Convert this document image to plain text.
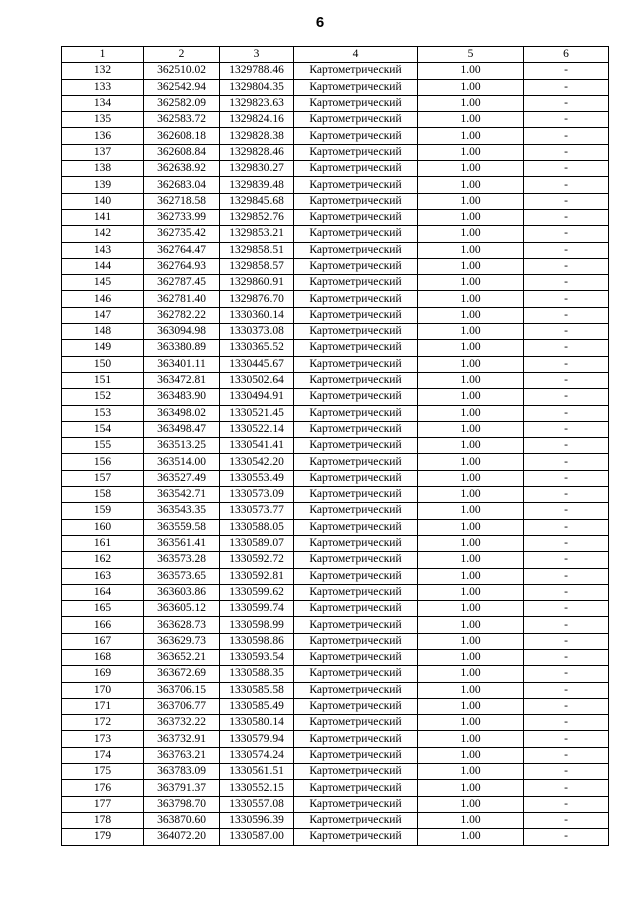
6
1	2	3	4	5	6
132	362510.02	1329788.46	Картометрический	1.00	-
133	362542.94	1329804.35	Картометрический	1.00	-
134	362582.09	1329823.63	Картометрический	1.00	-
135	362583.72	1329824.16	Картометрический	1.00	-
136	362608.18	1329828.38	Картометрический	1.00	-
137	362608.84	1329828.46	Картометрический	1.00	-
138	362638.92	1329830.27	Картометрический	1.00	-
139	362683.04	1329839.48	Картометрический	1.00	-
140	362718.58	1329845.68	Картометрический	1.00	-
141	362733.99	1329852.76	Картометрический	1.00	-
142	362735.42	1329853.21	Картометрический	1.00	-
143	362764.47	1329858.51	Картометрический	1.00	-
144	362764.93	1329858.57	Картометрический	1.00	-
145	362787.45	1329860.91	Картометрический	1.00	-
146	362781.40	1329876.70	Картометрический	1.00	-
147	362782.22	1330360.14	Картометрический	1.00	-
148	363094.98	1330373.08	Картометрический	1.00	-
149	363380.89	1330365.52	Картометрический	1.00	-
150	363401.11	1330445.67	Картометрический	1.00	-
151	363472.81	1330502.64	Картометрический	1.00	-
152	363483.90	1330494.91	Картометрический	1.00	-
153	363498.02	1330521.45	Картометрический	1.00	-
154	363498.47	1330522.14	Картометрический	1.00	-
155	363513.25	1330541.41	Картометрический	1.00	-
156	363514.00	1330542.20	Картометрический	1.00	-
157	363527.49	1330553.49	Картометрический	1.00	-
158	363542.71	1330573.09	Картометрический	1.00	-
159	363543.35	1330573.77	Картометрический	1.00	-
160	363559.58	1330588.05	Картометрический	1.00	-
161	363561.41	1330589.07	Картометрический	1.00	-
162	363573.28	1330592.72	Картометрический	1.00	-
163	363573.65	1330592.81	Картометрический	1.00	-
164	363603.86	1330599.62	Картометрический	1.00	-
165	363605.12	1330599.74	Картометрический	1.00	-
166	363628.73	1330598.99	Картометрический	1.00	-
167	363629.73	1330598.86	Картометрический	1.00	-
168	363652.21	1330593.54	Картометрический	1.00	-
169	363672.69	1330588.35	Картометрический	1.00	-
170	363706.15	1330585.58	Картометрический	1.00	-
171	363706.77	1330585.49	Картометрический	1.00	-
172	363732.22	1330580.14	Картометрический	1.00	-
173	363732.91	1330579.94	Картометрический	1.00	-
174	363763.21	1330574.24	Картометрический	1.00	-
175	363783.09	1330561.51	Картометрический	1.00	-
176	363791.37	1330552.15	Картометрический	1.00	-
177	363798.70	1330557.08	Картометрический	1.00	-
178	363870.60	1330596.39	Картометрический	1.00	-
179	364072.20	1330587.00	Картометрический	1.00	-
